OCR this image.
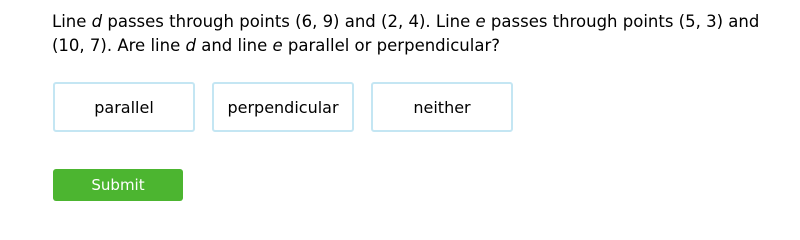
Line d passes through points (6, 9) and (2, 4). Line e passes through points (5, 3) and (10, 7). Are line d and line e parallel or perpendicular?

parallel	perpendicular	neither
Submit
